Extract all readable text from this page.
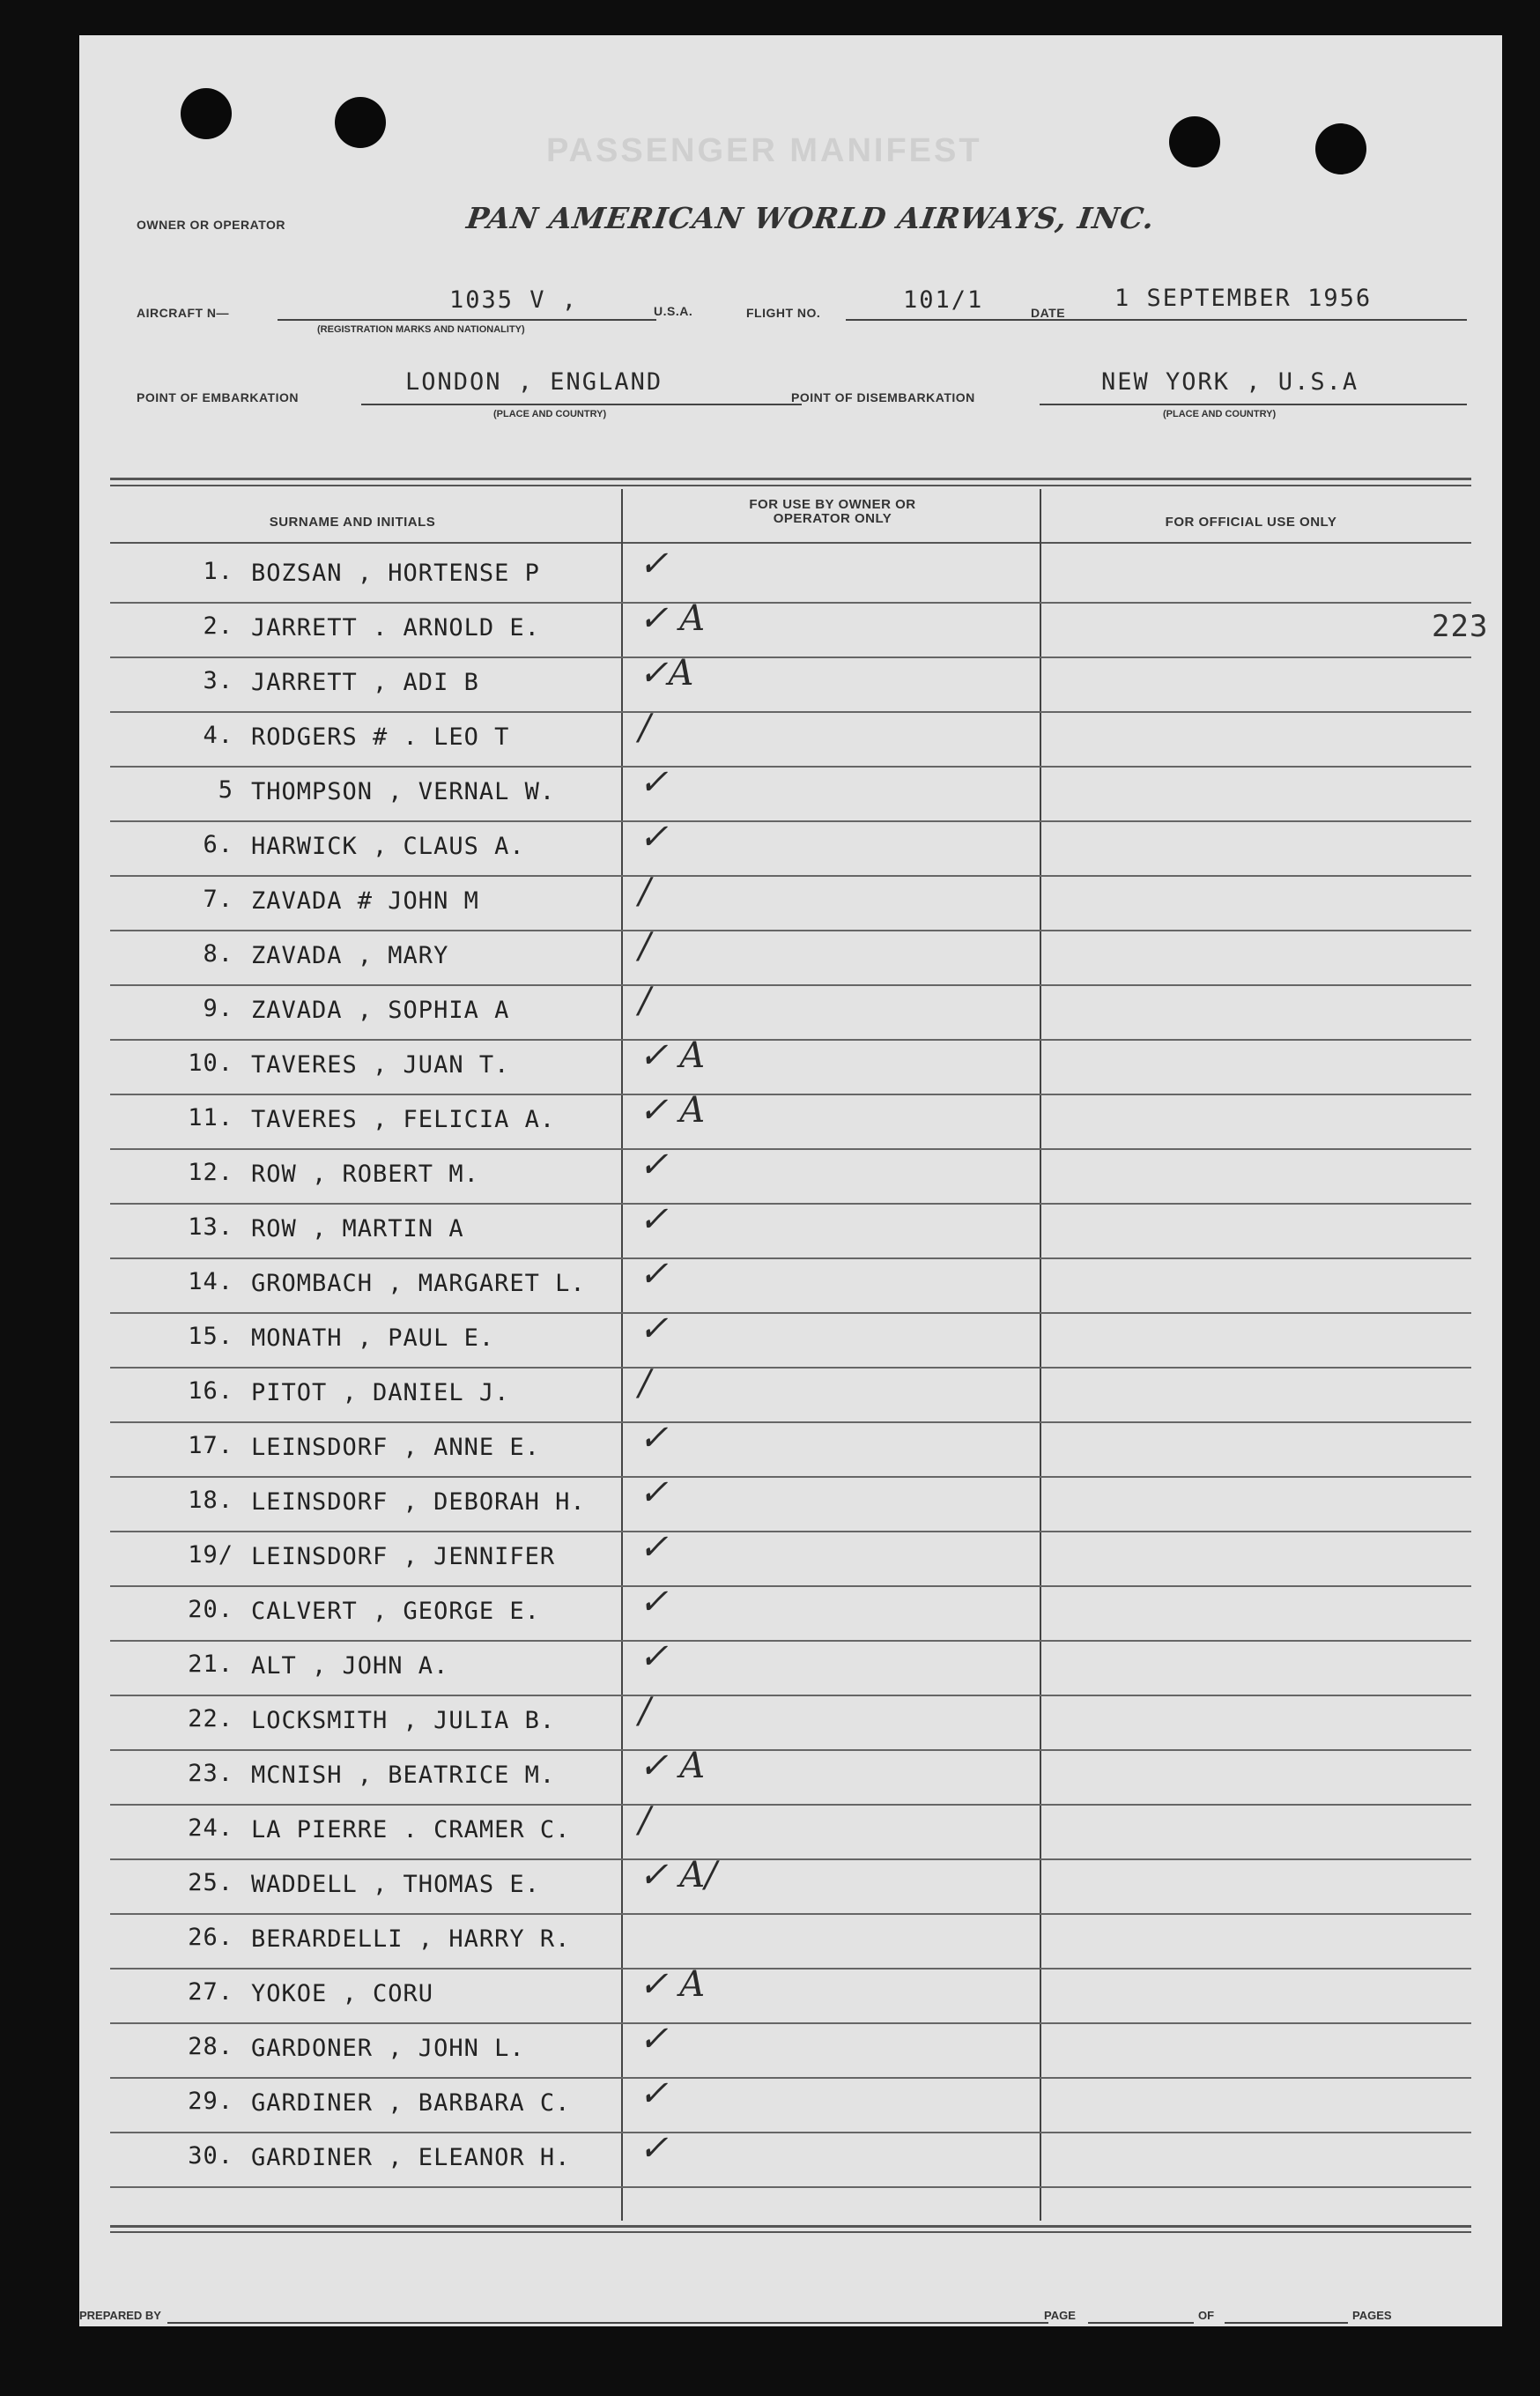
PASSENGER MANIFEST
OWNER OR OPERATOR	PAN AMERICAN WORLD AIRWAYS, INC.
AIRCRAFT N—	1035 V ,
(REGISTRATION MARKS AND NATIONALITY)
U.S.A.	FLIGHT NO.	101/1	DATE
1 SEPTEMBER 1956
POINT OF EMBARKATION
LONDON , ENGLAND
(PLACE AND COUNTRY)
POINT OF DISEMBARKATION
NEW YORK , U.S.A
(PLACE AND COUNTRY)
SURNAME AND INITIALS
FOR USE BY OWNER OR OPERATOR ONLY	FOR OFFICIAL USE ONLY
1. BOZSAN , HORTENSE P	✓
2. JARRETT . ARNOLD E.	✓ A	223
3. JARRETT , ADI B	✓A
4. RODGERS # . LEO T	/
5 THOMPSON , VERNAL W. ✓
6. HARWICK , CLAUS A.	✓
7. ZAVADA # JOHN M	/
8. ZAVADA , MARY	/
9. ZAVADA , SOPHIA A	/
10. TAVERES , JUAN T.	✓ A
11. TAVERES , FELICIA A. ✓ A
12. ROW , ROBERT M.	✓
13. ROW , MARTIN A	✓
14. GROMBACH , MARGARET L. ✓
15. MONATH , PAUL E.	✓
16. PITOT , DANIEL J.	/
17. LEINSDORF , ANNE E.	✓
18. LEINSDORF , DEBORAH H. ✓
19/ LEINSDORF , JENNIFER ✓
20. CALVERT , GEORGE E.	✓
21. ALT , JOHN A.	✓
22. LOCKSMITH , JULIA B. /
23. MCNISH , BEATRICE M. ✓ A
24. LA PIERRE . CRAMER C. /
25. WADDELL , THOMAS E.	✓ A/
26. BERARDELLI , HARRY R.
27. YOKOE , CORU	✓ A
28. GARDONER , JOHN L.	✓
29. GARDINER , BARBARA C. ✓
30. GARDINER , ELEANOR H. ✓
PREPARED BY	PAGE	OF	PAGES
